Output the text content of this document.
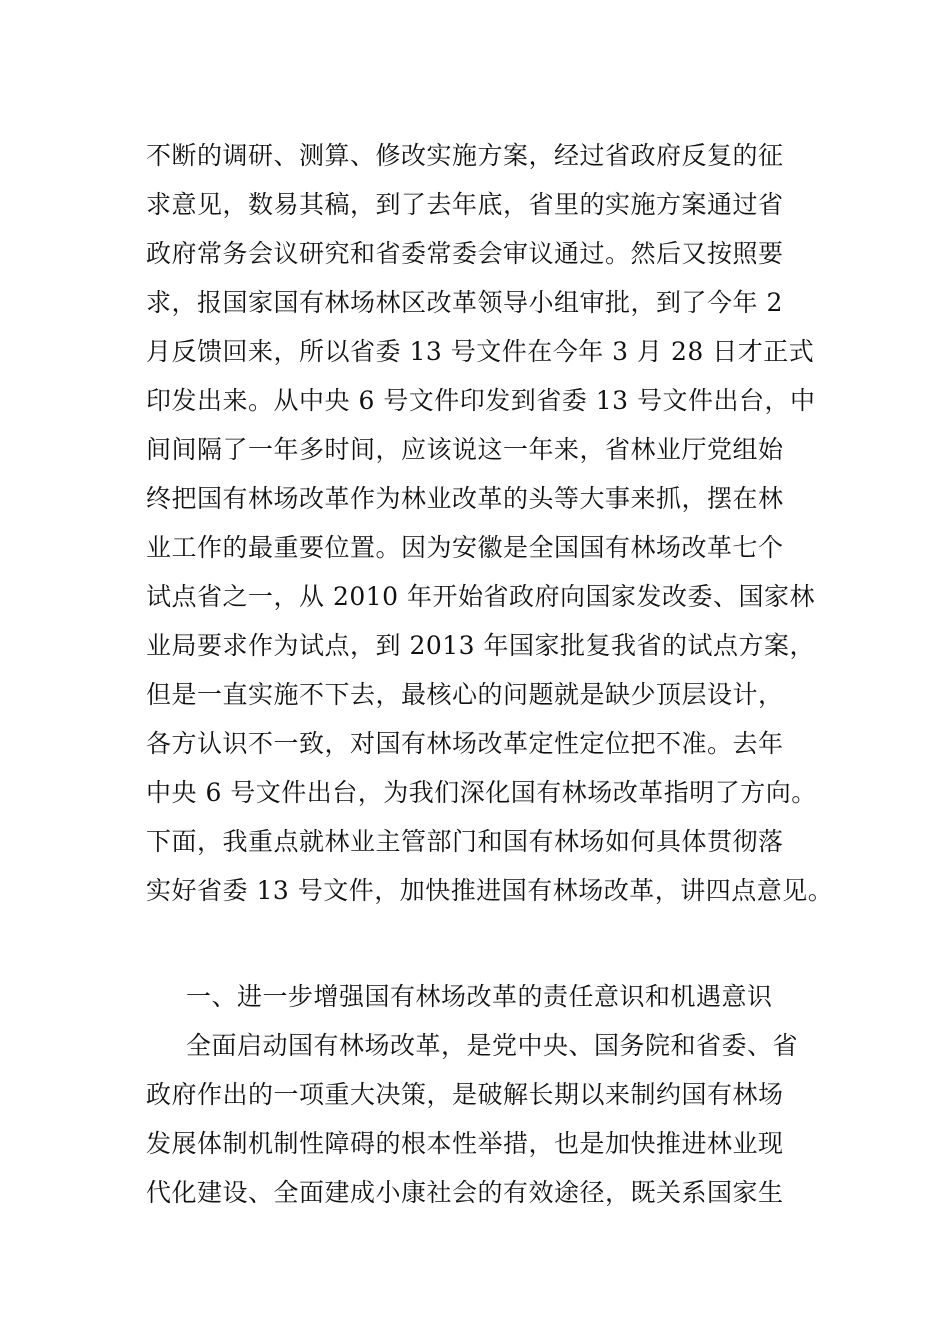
不断的调研、测算、修改实施方案，经过省政府反复的征
求意见，数易其稿，到了去年底，省里的实施方案通过省
政府常务会议研究和省委常委会审议通过。然后又按照要
求，报国家国有林场林区改革领导小组审批，到了今年 2
月反馈回来，所以省委 13 号文件在今年 3 月 28 日才正式
印发出来。从中央 6 号文件印发到省委 13 号文件出台，中
间间隔了一年多时间，应该说这一年来，省林业厅党组始
终把国有林场改革作为林业改革的头等大事来抓，摆在林
业工作的最重要位置。因为安徽是全国国有林场改革七个
试点省之一，从 2010 年开始省政府向国家发改委、国家林
业局要求作为试点，到 2013 年国家批复我省的试点方案，
但是一直实施不下去，最核心的问题就是缺少顶层设计，
各方认识不一致，对国有林场改革定性定位把不准。去年
中央 6 号文件出台，为我们深化国有林场改革指明了方向。
下面，我重点就林业主管部门和国有林场如何具体贯彻落
实好省委 13 号文件，加快推进国有林场改革，讲四点意见。
一、进一步增强国有林场改革的责任意识和机遇意识
全面启动国有林场改革，是党中央、国务院和省委、省
政府作出的一项重大决策，是破解长期以来制约国有林场
发展体制机制性障碍的根本性举措，也是加快推进林业现
代化建设、全面建成小康社会的有效途径，既关系国家生
